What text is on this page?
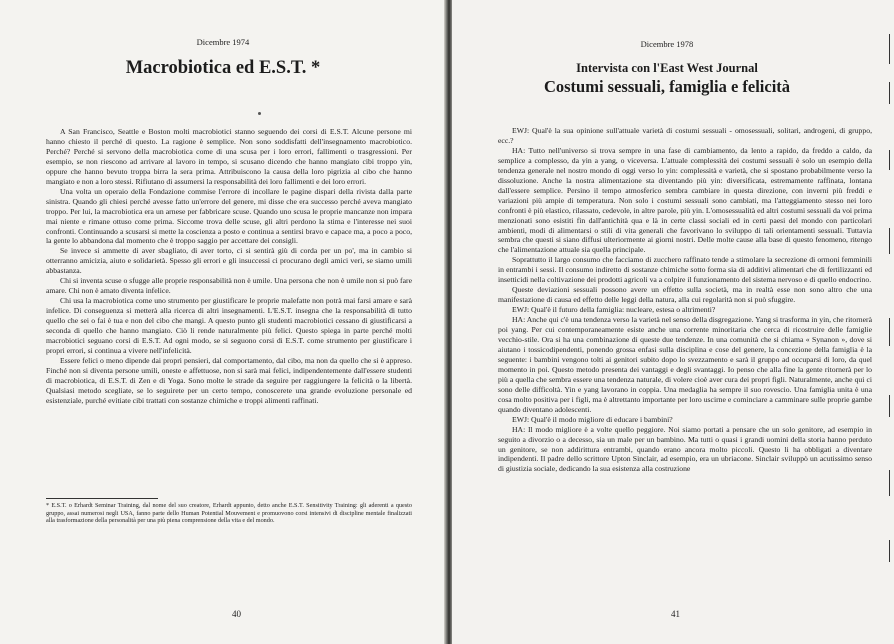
Dicembre 1974
Macrobiotica ed E.S.T. *

A San Francisco, Seattle e Boston molti macrobiotici stanno seguendo dei corsi di E.S.T. Alcune persone mi hanno chiesto il perché di questo. La ragione è semplice. Non sono soddisfatti dell'insegnamento macrobiotico. Perché? Perché si servono della macrobiotica come di una scusa per i loro errori, fallimenti o trasgressioni. Per esempio, se non riescono ad arrivare al lavoro in tempo, si scusano dicendo che hanno mangiato cibi troppo yin, oppure che hanno bevuto troppa birra la sera prima. Attribuiscono la causa della loro pigrizia al cibo che hanno mangiato e non a loro stessi. Rifiutano di assumersi la responsabilità dei loro fallimenti e dei loro errori.

Una volta un operaio della Fondazione commise l'errore di incollare le pagine dispari della rivista dalla parte sinistra. Quando gli chiesi perché avesse fatto un'errore del genere, mi disse che era successo perché aveva mangiato troppo. Per lui, la macrobiotica era un arnese per fabbricare scuse. Quando uno scusa le proprie mancanze non impara mai niente e rimane ottuso come prima. Siccome trova delle scuse, gli altri perdono la stima e l'interesse nei suoi confronti. Continuando a scusarsi si mette la coscienza a posto e continua a sentirsi bravo e capace ma, a poco a poco, la gente lo abbandona dal momento che è troppo saggio per accettare dei consigli.

Se invece si ammette di aver sbagliato, di aver torto, ci si sentirà giù di corda per un po', ma in cambio si otterranno amicizia, aiuto e solidarietà. Spesso gli errori e gli insuccessi ci procurano degli amici veri, se siamo umili abbastanza.

Chi si inventa scuse o sfugge alle proprie responsabilità non è umile. Una persona che non è umile non si può fare amare. Chi non è amato diventa infelice.

Chi usa la macrobiotica come uno strumento per giustificare le proprie malefatte non potrà mai farsi amare e sarà infelice. Di conseguenza si metterà alla ricerca di altri insegnamenti. L'E.S.T. insegna che la responsabilità di tutto quello che sei o fai è tua e non del cibo che mangi. A questo punto gli studenti macrobiotici cessano di giustificarsi a seconda di quello che hanno mangiato. Ciò li rende naturalmente più felici. Questo spiega in parte perché molti macrobiotici seguano corsi di E.S.T. Ad ogni modo, se si seguono corsi di E.S.T. come strumento per giustificare i propri errori, si continua a vivere nell'infelicità.

Essere felici o meno dipende dai propri pensieri, dal comportamento, dal cibo, ma non da quello che si è appreso. Finché non si diventa persone umili, oneste e affettuose, non si sarà mai felici, indipendentemente dall'essere studenti di macrobiotica, di E.S.T. di Zen e di Yoga. Sono molte le strade da seguire per raggiungere la felicità o la libertà. Qualsiasi metodo scegliate, se lo seguirete per un certo tempo, conoscerete una grande evoluzione personale ed esistenziale, purché evitiate cibi trattati con sostanze chimiche e troppi alimenti raffinati.

* E.S.T. o Erhardt Seminar Training, dal nome del suo creatore, Erhardt appunto, detto anche E.S.T. Sensitivity Training: gli aderenti a questo gruppo, assai numerosi negli USA, fanno parte dello Human Potential Mouvement e promuovono corsi intensivi di discipline mentale finalizzati alla trasformazione della personalità per una più piena comprensione della vita e del mondo.
40
Dicembre 1978
Intervista con l'East West Journal
Costumi sessuali, famiglia e felicità

EWJ: Qual'è la sua opinione sull'attuale varietà di costumi sessuali - omosessuali, solitari, androgeni, di gruppo, ecc.?

HA: Tutto nell'universo si trova sempre in una fase di cambiamento, da lento a rapido, da freddo a caldo, da semplice a complesso, da yin a yang, o viceversa. L'attuale complessità dei costumi sessuali è solo un esempio della tendenza generale nel nostro mondo di oggi verso lo yin: complessità e varietà, che si spostano probabilmente verso la dissoluzione. Anche la nostra alimentazione sta diventando più yin: diversificata, estremamente raffinata, lontana dall'essere semplice. Persino il tempo atmosferico sembra cambiare in questa direzione, con inverni più freddi e variazioni più ampie di temperatura. Non solo i costumi sessuali sono cambiati, ma l'atteggiamento stesso nei loro confronti è più elastico, rilassato, cedevole, in altre parole, più yin. L'omosessualità ed altri costumi sessuali da voi prima menzionati sono esistiti fin dall'antichità qua e là in certe classi sociali ed in certi paesi del mondo con particolari ambienti, modi di alimentarsi o stili di vita generali che favorivano lo sviluppo di tali orientamenti sessuali. Tuttavia sembra che questi si siano diffusi ulteriormente ai giorni nostri. Delle molte cause alla base di questo fenomeno, ritengo che l'alimentazione attuale sia quella principale.

Soprattutto il largo consumo che facciamo di zucchero raffinato tende a stimolare la secrezione di ormoni femminili in entrambi i sessi. Il consumo indiretto di sostanze chimiche sotto forma sia di additivi alimentari che di fertilizzanti ed insetticidi nella coltivazione dei prodotti agricoli va a colpire il funzionamento del sistema nervoso e di quello endocrino.

Queste deviazioni sessuali possono avere un effetto sulla società, ma in realtà esse non sono altro che una manifestazione di causa ed effetto delle leggi della natura, alla cui regolarità non si può sfuggire.

EWJ: Qual'è il futuro della famiglia: nucleare, estesa o altrimenti?

HA: Anche qui c'è una tendenza verso la varietà nel senso della disgregazione. Yang si trasforma in yin, che ritornerà poi yang. Per cui contemporaneamente esiste anche una corrente minoritaria che cerca di ricostruire delle famiglie vecchio-stile. Ora si ha una combinazione di queste due tendenze. In una comunità che si chiama « Synanon », dove si aiutano i tossicodipendenti, ponendo grossa enfasi sulla disciplina e cose del genere, la concezione della famiglia è la seguente: i bambini vengono tolti ai genitori subito dopo lo svezzamento e sarà il gruppo ad occuparsi di loro, da quel momento in poi. Questo metodo presenta dei vantaggi e degli svantaggi. Io penso che alla fine la gente ritornerà per lo più a quella che sembra essere una tendenza naturale, di volere cioè aver cura dei propri figli. Naturalmente, anche qui ci sono delle difficoltà. Yin e yang lavorano in coppia. Una medaglia ha sempre il suo rovescio. Una famiglia unita è una cosa molto positiva per i figli, ma è altrettanto importante per loro uscirne e cominciare a camminare sulle proprie gambe quando diventano adolescenti.

EWJ: Qual'è il modo migliore di educare i bambini?

HA: Il modo migliore è a volte quello peggiore. Noi siamo portati a pensare che un solo genitore, ad esempio in seguito a divorzio o a decesso, sia un male per un bambino. Ma tutti o quasi i grandi uomini della storia hanno perduto un genitore, se non addirittura entrambi, quando erano ancora molto piccoli. Questo li ha obbligati a diventare indipendenti. Il padre dello scrittore Upton Sinclair, ad esempio, era un ubriacone. Sinclair sviluppò un acutissimo senso di giustizia sociale, dedicando la sua esistenza alla costruzione

41
